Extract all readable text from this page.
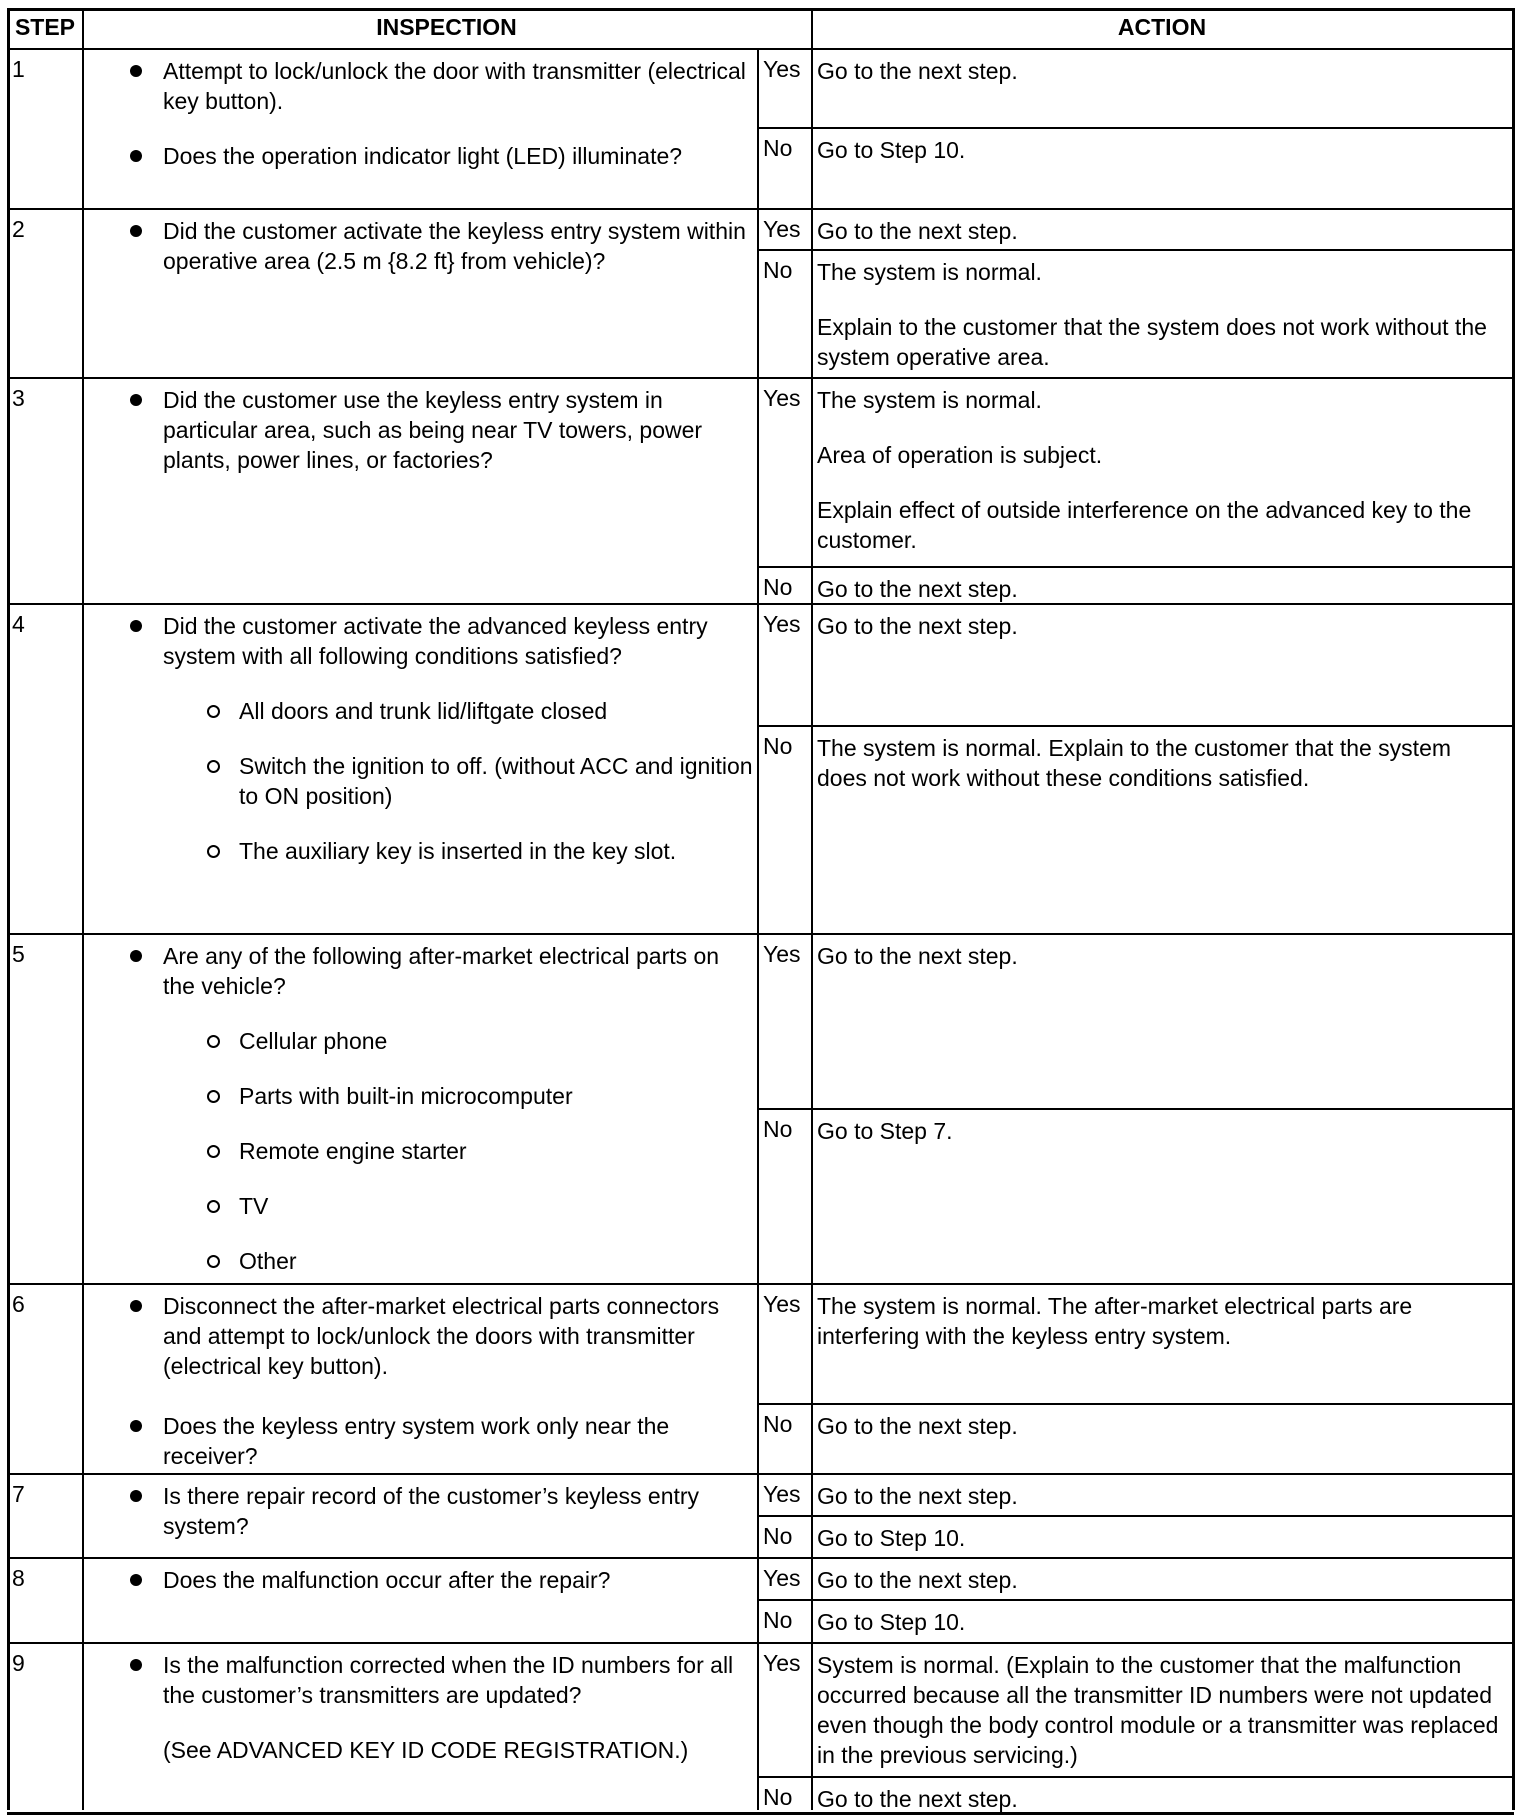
STEP	INSPECTION	ACTION
1	Attempt to lock/unlock the door with transmitter (electrical key button).
Does the operation indicator light (LED) illuminate?
Yes Go to the next step.

No	Go to Step 10.

2	Did the customer activate the keyless entry system within operative area (2.5 m {8.2 ft} from vehicle)?
Yes Go to the next step.

No	The system is normal.

Explain to the customer that the system does not work without the system operative area.

3	Did the customer use the keyless entry system in particular area, such as being near TV towers, power plants, power lines, or factories?
Yes The system is normal.

Area of operation is subject.

Explain effect of outside interference on the advanced key to the customer.

No	Go to the next step.

4	Did the customer activate the advanced keyless entry system with all following conditions satisfied?
All doors and trunk lid/liftgate closed
Switch the ignition to off. (without ACC and ignition to ON position)
The auxiliary key is inserted in the key slot.
Yes Go to the next step.

No	The system is normal. Explain to the customer that the system does not work without these conditions satisfied.

5	Are any of the following after-market electrical parts on the vehicle?
Cellular phone
Parts with built-in microcomputer
Remote engine starter
TV
Other
Yes Go to the next step.

No	Go to Step 7.

6	Disconnect the after-market electrical parts connectors and attempt to lock/unlock the doors with transmitter (electrical key button).
Does the keyless entry system work only near the receiver?
Yes The system is normal. The after-market electrical parts are interfering with the keyless entry system.

No	Go to the next step.

7	Is there repair record of the customer’s keyless entry system?
Yes Go to the next step.

No	Go to Step 10.

8	Does the malfunction occur after the repair?	Yes Go to the next step.

No	Go to Step 10.

9	Is the malfunction corrected when the ID numbers for all the customer’s transmitters are updated?
(See ADVANCED KEY ID CODE REGISTRATION.)
Yes System is normal. (Explain to the customer that the malfunction occurred because all the transmitter ID numbers were not updated even though the body control module or a transmitter was replaced in the previous servicing.)

No	Go to the next step.
